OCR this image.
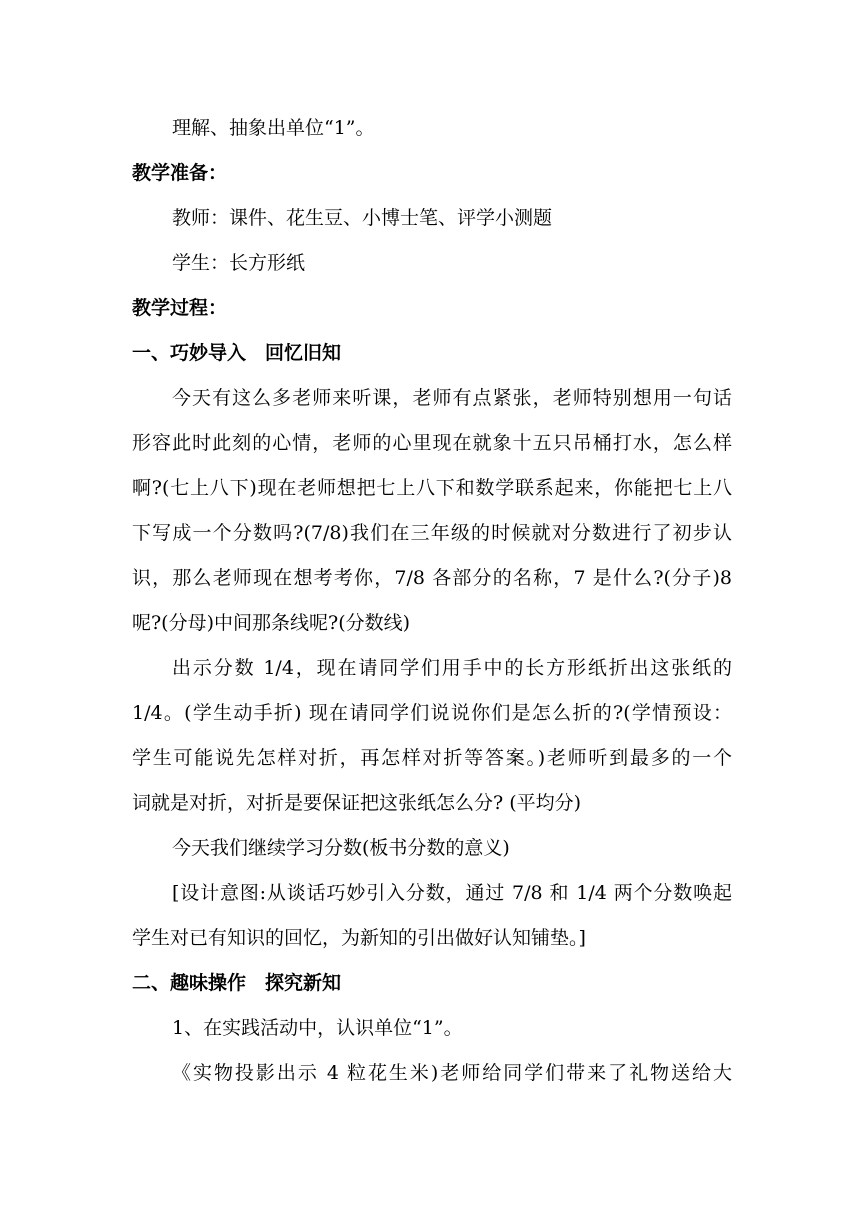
理解、抽象出单位“1”。
教学准备：
教师：课件、花生豆、小博士笔、评学小测题
学生：长方形纸
教学过程：
一、巧妙导入　回忆旧知
今天有这么多老师来听课，老师有点紧张，老师特别想用一句话
形容此时此刻的心情，老师的心里现在就象十五只吊桶打水，怎么样
啊?(七上八下)现在老师想把七上八下和数学联系起来，你能把七上八
下写成一个分数吗?(7/8)我们在三年级的时候就对分数进行了初步认
识，那么老师现在想考考你，7/8 各部分的名称，7 是什么?(分子)8
呢?(分母)中间那条线呢?(分数线)
出示分数 1/4，现在请同学们用手中的长方形纸折出这张纸的
1/4。(学生动手折) 现在请同学们说说你们是怎么折的?(学情预设：
学生可能说先怎样对折，再怎样对折等答案。)老师听到最多的一个
词就是对折，对折是要保证把这张纸怎么分? (平均分)
今天我们继续学习分数(板书分数的意义)
[设计意图:从谈话巧妙引入分数，通过 7/8 和 1/4 两个分数唤起
学生对已有知识的回忆，为新知的引出做好认知铺垫。]
二、趣味操作　探究新知
1、在实践活动中，认识单位“1”。
《实物投影出示 4 粒花生米)老师给同学们带来了礼物送给大
